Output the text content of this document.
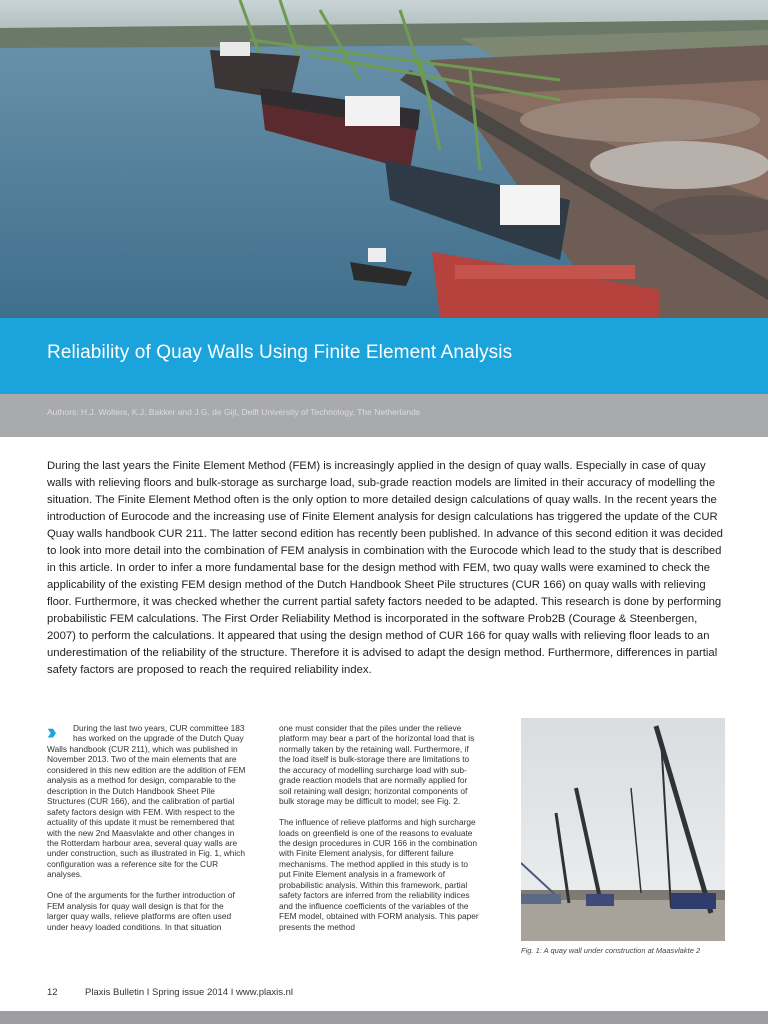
Reliability of Quay Walls Using Finite Element Analysis

Authors: H.J. Wolters, K.J. Bakker and J.G. de Gijt, Delft University of Technology, The Netherlands

During the last years the Finite Element Method (FEM) is increasingly applied in the design of quay walls. Especially in case of quay walls with relieving floors and bulk-storage as surcharge load, sub-grade reaction models are limited in their accuracy of modelling the situation. The Finite Element Method often is the only option to more detailed design calculations of quay walls. In the recent years the introduction of Eurocode and the increasing use of Finite Element analysis for design calculations has triggered the update of the CUR Quay walls handbook CUR 211. The latter second edition has recently been published. In advance of this second edition it was decided to look into more detail into the combination of FEM analysis in combination with the Eurocode which lead to the study that is described in this article. In order to infer a more fundamental base for the design method with FEM, two quay walls were examined to check the applicability of the existing FEM design method of the Dutch Handbook Sheet Pile structures (CUR 166) on quay walls with relieving floor. Furthermore, it was checked whether the current partial safety factors needed to be adapted. This research is done by performing probabilistic FEM calculations. The First Order Reliability Method is incorporated in the software Prob2B (Courage & Steenbergen, 2007) to perform the calculations. It appeared that using the design method of CUR 166 for quay walls with relieving floor leads to an underestimation of the reliability of the structure. Therefore it is advised to adapt the design method. Furthermore, differences in partial safety factors are proposed to reach the required reliability index.

››	During the last two years, CUR committee 183 has worked on the upgrade of the Dutch Quay Walls handbook (CUR 211), which was published in November 2013. Two of the main elements that are considered in this new edition are the addition of FEM analysis as a method for design, comparable to the description in the Dutch Handbook Sheet Pile Structures (CUR 166), and the calibration of partial safety factors design with FEM. With respect to the actuality of this update it must be remembered that with the new 2nd Maasvlakte and other changes in the Rotterdam harbour area, several quay walls are under construction, such as illustrated in Fig. 1, which configuration was a reference site for the CUR analyses.

One of the arguments for the further introduction of FEM analysis for quay wall design is that for the larger quay walls, relieve platforms are often used under heavy loaded conditions. In that situation

one must consider that the piles under the relieve platform may bear a part of the horizontal load that is normally taken by the retaining wall. Furthermore, if the load itself is bulk-storage there are limitations to the accuracy of modelling surcharge load with sub-grade reaction models that are normally applied for soil retaining wall design; horizontal components of bulk storage may be difficult to model; see Fig. 2.

The influence of relieve platforms and high surcharge loads on greenfield is one of the reasons to evaluate the design procedures in CUR 166 in the combination with Finite Element analysis, for different failure mechanisms. The method applied in this study is to put Finite Element analysis in a framework of probabilistic analysis. Within this framework, partial safety factors are inferred from the reliability indices and the influence coefficients of the variables of the FEM model, obtained with FORM analysis. This paper presents the method

Fig. 1: A quay wall under construction at Maasvlakte 2

12	Plaxis Bulletin I Spring issue 2014 I www.plaxis.nl
